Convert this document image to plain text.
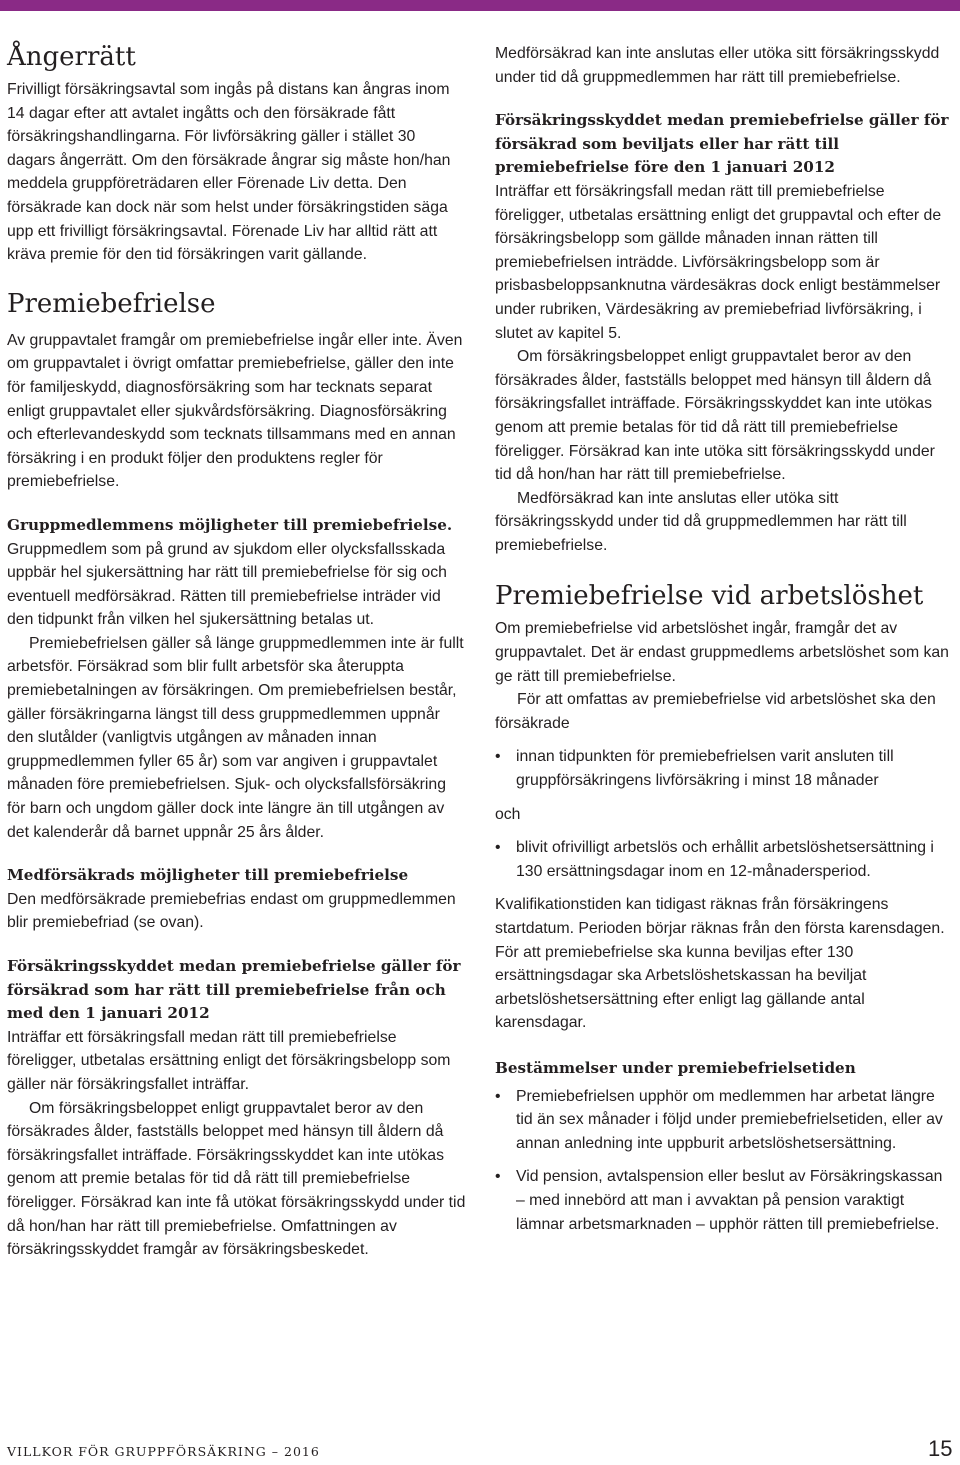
Ångerrätt

Frivilligt försäkringsavtal som ingås på distans kan ångras inom 14 dagar efter att avtalet ingåtts och den försäkrade fått försäkringshandlingarna. För livförsäkring gäller i stället 30 dagars ångerrätt. Om den försäkrade ångrar sig måste hon/han meddela gruppföreträdaren eller Förenade Liv detta. Den försäkrade kan dock när som helst under försäkringstiden säga upp ett frivilligt försäkringsavtal. Förenade Liv har alltid rätt att kräva premie för den tid försäkringen varit gällande.

Premiebefrielse

Av gruppavtalet framgår om premiebefrielse ingår eller inte. Även om gruppavtalet i övrigt omfattar premiebefrielse, gäller den inte för familjeskydd, diagnosförsäkring som har tecknats separat enligt gruppavtalet eller sjukvårdsförsäkring. Diagnosförsäkring och efterlevandeskydd som tecknats tillsammans med en annan försäkring i en produkt följer den produktens regler för premiebefrielse.

Gruppmedlemmens möjligheter till premiebefrielse.

Gruppmedlem som på grund av sjukdom eller olycksfallsskada uppbär hel sjukersättning har rätt till premiebefrielse för sig och eventuell medförsäkrad. Rätten till premiebefrielse inträder vid den tidpunkt från vilken hel sjukersättning betalas ut.

Premiebefrielsen gäller så länge gruppmedlemmen inte är fullt arbetsför. Försäkrad som blir fullt arbetsför ska återuppta premiebetalningen av försäkringen. Om premiebefrielsen består, gäller försäkringarna längst till dess gruppmedlemmen uppnår den slutålder (vanligtvis utgången av månaden innan gruppmedlemmen fyller 65 år) som var angiven i gruppavtalet månaden före premiebefrielsen. Sjuk- och olycksfallsförsäkring för barn och ungdom gäller dock inte längre än till utgången av det kalenderår då barnet uppnår 25 års ålder.

Medförsäkrads möjligheter till premiebefrielse

Den medförsäkrade premiebefrias endast om gruppmedlemmen blir premiebefriad (se ovan).

Försäkringsskyddet medan premiebefrielse gäller för försäkrad som har rätt till premiebefrielse från och med den 1 januari 2012

Inträffar ett försäkringsfall medan rätt till premiebefrielse föreligger, utbetalas ersättning enligt det försäkringsbelopp som gäller när försäkringsfallet inträffar.

Om försäkringsbeloppet enligt gruppavtalet beror av den försäkrades ålder, fastställs beloppet med hänsyn till åldern då försäkringsfallet inträffade. Försäkringsskyddet kan inte utökas genom att premie betalas för tid då rätt till premiebefrielse föreligger. Försäkrad kan inte få utökat försäkringsskydd under tid då hon/han har rätt till premiebefrielse. Omfattningen av försäkringsskyddet framgår av försäkringsbeskedet.

Medförsäkrad kan inte anslutas eller utöka sitt försäkringsskydd under tid då gruppmedlemmen har rätt till premiebefrielse.

Försäkringsskyddet medan premiebefrielse gäller för försäkrad som beviljats eller har rätt till premiebefrielse före den 1 januari 2012

Inträffar ett försäkringsfall medan rätt till premiebefrielse föreligger, utbetalas ersättning enligt det gruppavtal och efter de försäkringsbelopp som gällde månaden innan rätten till premiebefrielsen inträdde. Livförsäkringsbelopp som är prisbasbeloppsanknutna värdesäkras dock enligt bestämmelser under rubriken, Värdesäkring av premiebefriad livförsäkring, i slutet av kapitel 5.

Om försäkringsbeloppet enligt gruppavtalet beror av den försäkrades ålder, fastställs beloppet med hänsyn till åldern då försäkringsfallet inträffade. Försäkringsskyddet kan inte utökas genom att premie betalas för tid då rätt till premiebefrielse föreligger. Försäkrad kan inte utöka sitt försäkringsskydd under tid då hon/han har rätt till premiebefrielse.

Medförsäkrad kan inte anslutas eller utöka sitt försäkringsskydd under tid då gruppmedlemmen har rätt till premiebefrielse.

Premiebefrielse vid arbetslöshet

Om premiebefrielse vid arbetslöshet ingår, framgår det av gruppavtalet. Det är endast gruppmedlems arbetslöshet som kan ge rätt till premiebefrielse.

För att omfattas av premiebefrielse vid arbetslöshet ska den försäkrade

• innan tidpunkten för premiebefrielsen varit ansluten till gruppförsäkringens livförsäkring i minst 18 månader

och

• blivit ofrivilligt arbetslös och erhållit arbetslöshetsersättning i 130 ersättningsdagar inom en 12-månadersperiod.

Kvalifikationstiden kan tidigast räknas från försäkringens startdatum. Perioden börjar räknas från den första karensdagen. För att premiebefrielse ska kunna beviljas efter 130 ersättningsdagar ska Arbetslöshetskassan ha beviljat arbetslöshetsersättning efter enligt lag gällande antal karensdagar.

Bestämmelser under premiebefrielsetiden
• Premiebefrielsen upphör om medlemmen har arbetat längre tid än sex månader i följd under premiebefrielsetiden, eller av annan anledning inte uppburit arbetslöshetsersättning.
• Vid pension, avtalspension eller beslut av Försäkringskassan – med innebörd att man i avvaktan på pension varaktigt lämnar arbetsmarknaden – upphör rätten till premiebefrielse.
VILLKOR FÖR GRUPPFÖRSÄKRING – 2016	15
